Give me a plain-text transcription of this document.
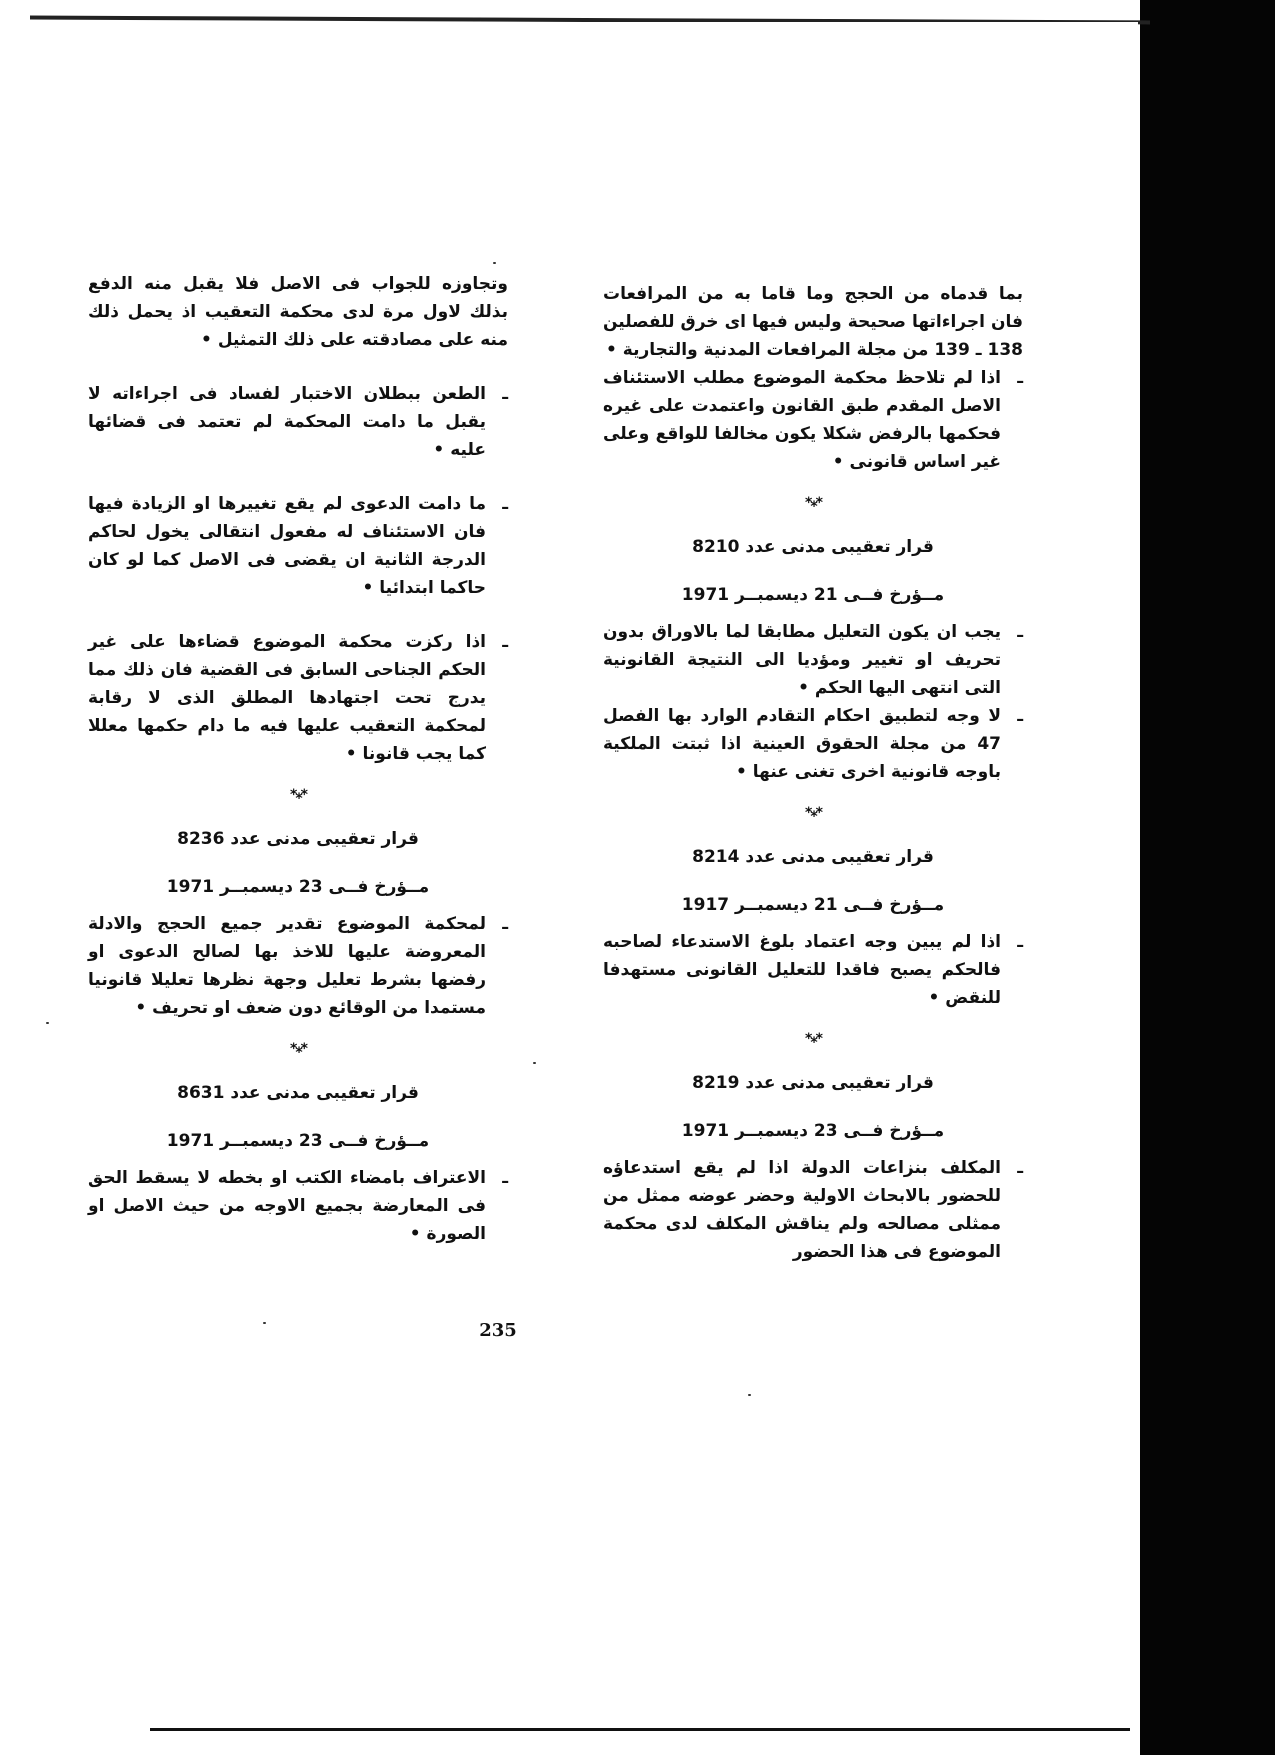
بما قدماه من الحجج وما قاما به من المرافعات فان اجراءاتها صحيحة وليس فيها اى خرق للفصلين 138 ـ 139 من مجلة المرافعات المدنية والتجارية •

ـ
اذا لم تلاحظ محكمة الموضوع مطلب الاستئناف الاصل المقدم طبق القانون واعتمدت على غيره فحكمها بالرفض شكلا يكون مخالفا للواقع وعلى غير اساس قانونى •
*⁎*

قرار تعقيبى مدنى عدد 8210

مــؤرخ فــى 21 ديسمبــر 1971

ـ
يجب ان يكون التعليل مطابقا لما بالاوراق بدون تحريف او تغيير ومؤديا الى النتيجة القانونية التى انتهى اليها الحكم •
ـ
لا وجه لتطبيق احكام التقادم الوارد بها الفصل 47 من مجلة الحقوق العينية اذا ثبتت الملكية باوجه قانونية اخرى تغنى عنها •
*⁎*

قرار تعقيبى مدنى عدد 8214

مــؤرخ فــى 21 ديسمبــر 1917

ـ
اذا لم يبين وجه اعتماد بلوغ الاستدعاء لصاحبه فالحكم يصبح فاقدا للتعليل القانونى مستهدفا للنقض •
*⁎*

قرار تعقيبى مدنى عدد 8219

مــؤرخ فــى 23 ديسمبــر 1971

ـ
المكلف بنزاعات الدولة اذا لم يقع استدعاؤه للحضور بالابحاث الاولية وحضر عوضه ممثل من ممثلى مصالحه ولم يناقش المكلف لدى محكمة الموضوع فى هذا الحضور

وتجاوزه للجواب فى الاصل فلا يقبل منه الدفع بذلك لاول مرة لدى محكمة التعقيب اذ يحمل ذلك منه على مصادقته على ذلك التمثيل •

ـ
الطعن ببطلان الاختبار لفساد فى اجراءاته لا يقبل ما دامت المحكمة لم تعتمد فى قضائها عليه •
ـ
ما دامت الدعوى لم يقع تغييرها او الزيادة فيها فان الاستئناف له مفعول انتقالى يخول لحاكم الدرجة الثانية ان يقضى فى الاصل كما لو كان حاكما ابتدائيا •
ـ
اذا ركزت محكمة الموضوع قضاءها على غير الحكم الجناحى السابق فى القضية فان ذلك مما يدرج تحت اجتهادها المطلق الذى لا رقابة لمحكمة التعقيب عليها فيه ما دام حكمها معللا كما يجب قانونا •
*⁎*

قرار تعقيبى مدنى عدد 8236

مــؤرخ فــى 23 ديسمبــر 1971

ـ
لمحكمة الموضوع تقدير جميع الحجج والادلة المعروضة عليها للاخذ بها لصالح الدعوى او رفضها بشرط تعليل وجهة نظرها تعليلا قانونيا مستمدا من الوقائع دون ضعف او تحريف •
*⁎*

قرار تعقيبى مدنى عدد 8631

مــؤرخ فــى 23 ديسمبــر 1971

ـ
الاعتراف بامضاء الكتب او بخطه لا يسقط الحق فى المعارضة بجميع الاوجه من حيث الاصل او الصورة •
235
